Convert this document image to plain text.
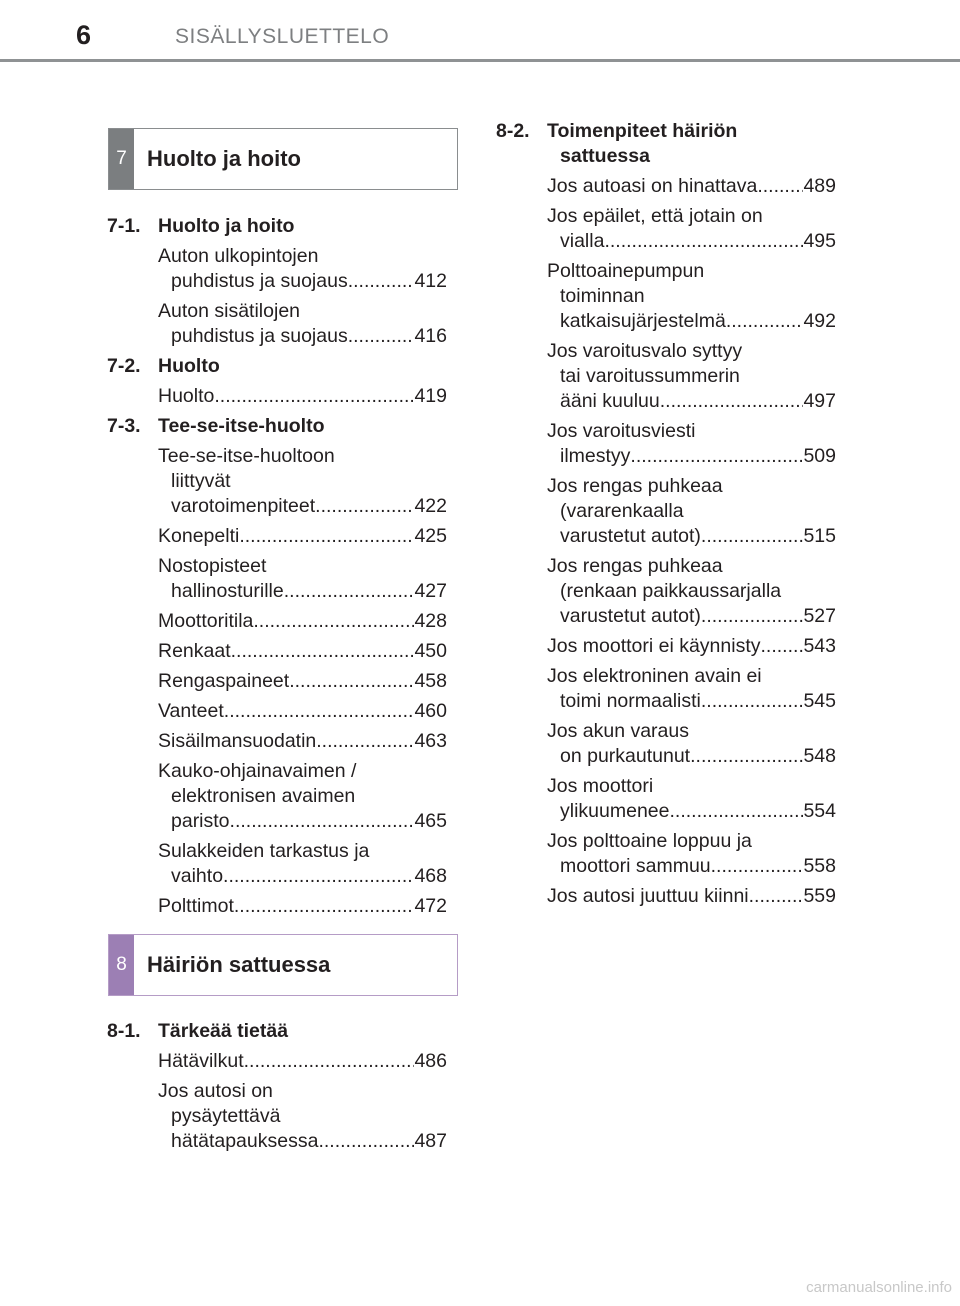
6	SISÄLLYSLUETTELO
7 Huolto ja hoito
8 Häiriön sattuessa
7-1. Huolto ja hoito
Auton ulkopintojen
puhdistus ja suojaus .....	412
Auton sisätilojen
puhdistus ja suojaus .....	416
7-2. Huolto
Huolto .....	419
7-3. Tee-se-itse-huolto
Tee-se-itse-huoltoon
liittyvät
varotoimenpiteet .....	422
Konepelti .....	425
Nostopisteet
hallinosturille .....	427
Moottoritila .....	428
Renkaat .....	450
Rengaspaineet .....	458
Vanteet .....	460
Sisäilmansuodatin .....	463
Kauko-ohjainavaimen /
elektronisen avaimen
paristo .....	465
Sulakkeiden tarkastus ja
vaihto .....	468
Polttimot .....	472
8-1. Tärkeää tietää
Hätävilkut .....	486
Jos autosi on
pysäytettävä
hätätapauksessa .....	487
8-2. Toimenpiteet häiriön
sattuessa
Jos autoasi on hinattava ..... 489
Jos epäilet, että jotain on
vialla .....	495
Polttoainepumpun
toiminnan
katkaisujärjestelmä .....	492
Jos varoitusvalo syttyy
tai varoitussummerin
ääni kuuluu .....	497
Jos varoitusviesti
ilmestyy .....	509
Jos rengas puhkeaa
(vararenkaalla
varustetut autot) .....	515
Jos rengas puhkeaa
(renkaan paikkaussarjalla
varustetut autot) .....	527
Jos moottori ei käynnisty ..... 543
Jos elektroninen avain ei
toimi normaalisti .....	545
Jos akun varaus
on purkautunut .....	548
Jos moottori
ylikuumenee .....	554
Jos polttoaine loppuu ja
moottori sammuu .....	558
Jos autosi juuttuu kiinni .....	559
carmanualsonline.info
